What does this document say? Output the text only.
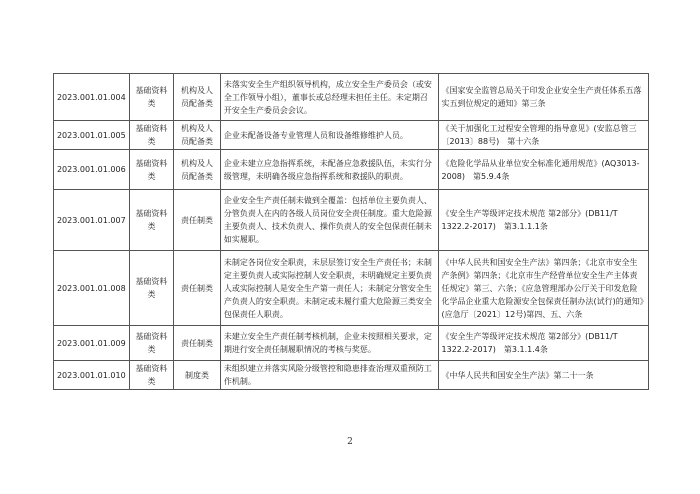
2023.001.01.004	基础资料类	机构及人员配备类	未落实安全生产组织领导机构，成立安全生产委员会（或安全工作领导小组），董事长或总经理未担任主任。未定期召开安全生产委员会会议。	《国家安全监管总局关于印发企业安全生产责任体系五落实五到位规定的通知》第三条
2023.001.01.005	基础资料类	机构及人员配备类	企业未配备设备专业管理人员和设备维修维护人员。	《关于加强化工过程安全管理的指导意见》(安监总管三〔2013〕88号)　第十六条
2023.001.01.006	基础资料类	机构及人员配备类	企业未建立应急指挥系统，未配备应急救援队伍，未实行分级管理，未明确各级应急指挥系统和救援队的职责。	《危险化学品从业单位安全标准化通用规范》(AQ3013-2008)　第5.9.4条
2023.001.01.007	基础资料类	责任制类	企业安全生产责任制未做到全覆盖：包括单位主要负责人、分管负责人在内的各级人员岗位安全责任制度。重大危险源主要负责人、技术负责人、操作负责人的安全包保责任制未如实履职。	《安全生产等级评定技术规范 第2部分》(DB11/T 1322.2-2017)　第3.1.1.1条
2023.001.01.008	基础资料类	责任制类	未制定各岗位安全职责，未层层签订安全生产责任书；未制定主要负责人或实际控制人安全职责，未明确规定主要负责人或实际控制人是安全生产第一责任人；未制定分管安全生产负责人的安全职责。未制定或未履行重大危险源三类安全包保责任人职责。	《中华人民共和国安全生产法》第四条；《北京市安全生产条例》第四条；《北京市生产经营单位安全生产主体责任规定》第三、六条；《应急管理部办公厅关于印发危险化学品企业重大危险源安全包保责任制办法(试行)的通知》(应急厅〔2021〕12号)第四、五、六条
2023.001.01.009	基础资料类	责任制类	未建立安全生产责任制考核机制，企业未按照相关要求，定期进行安全责任制履职情况的考核与奖惩。	《安全生产等级评定技术规范 第2部分》(DB11/T 1322.2-2017)　第3.1.1.4条
2023.001.01.010	基础资料类	制度类	未组织建立并落实风险分级管控和隐患排查治理双重预防工作机制。	《中华人民共和国安全生产法》第二十一条
2
